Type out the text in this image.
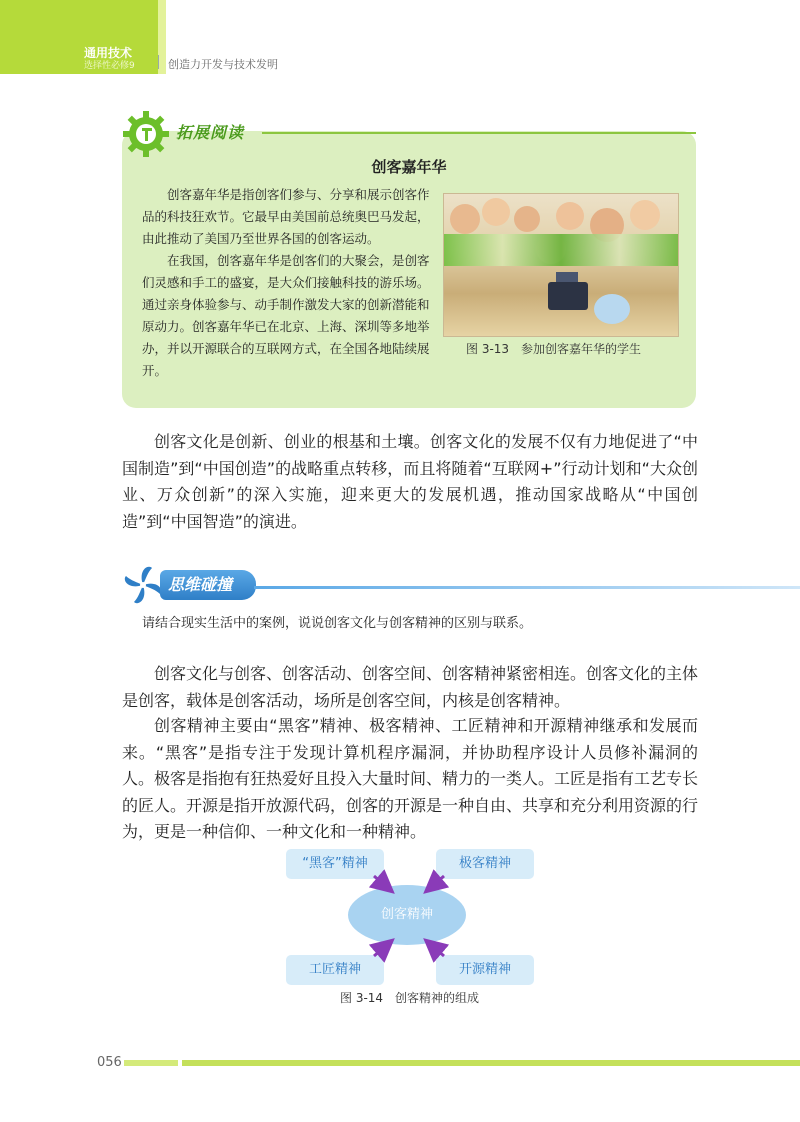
通用技术
选择性必修9	创造力开发与技术发明
拓展阅读
创客嘉年华

创客嘉年华是指创客们参与、分享和展示创客作品的科技狂欢节。它最早由美国前总统奥巴马发起，由此推动了美国乃至世界各国的创客运动。

在我国，创客嘉年华是创客们的大聚会，是创客们灵感和手工的盛宴，是大众们接触科技的游乐场。通过亲身体验参与、动手制作激发大家的创新潜能和原动力。创客嘉年华已在北京、上海、深圳等多地举办，并以开源联合的互联网方式，在全国各地陆续展开。

图 3-13　参加创客嘉年华的学生

创客文化是创新、创业的根基和土壤。创客文化的发展不仅有力地促进了“中国制造”到“中国创造”的战略重点转移，而且将随着“互联网+”行动计划和“大众创业、万众创新”的深入实施，迎来更大的发展机遇，推动国家战略从“中国创造”到“中国智造”的演进。

思维碰撞
请结合现实生活中的案例，说说创客文化与创客精神的区别与联系。

创客文化与创客、创客活动、创客空间、创客精神紧密相连。创客文化的主体是创客，载体是创客活动，场所是创客空间，内核是创客精神。

创客精神主要由“黑客”精神、极客精神、工匠精神和开源精神继承和发展而来。“黑客”是指专注于发现计算机程序漏洞，并协助程序设计人员修补漏洞的人。极客是指抱有狂热爱好且投入大量时间、精力的一类人。工匠是指有工艺专长的匠人。开源是指开放源代码，创客的开源是一种自由、共享和充分利用资源的行为，更是一种信仰、一种文化和一种精神。

“黑客”精神	极客精神
创客精神
工匠精神	开源精神
图 3-14　创客精神的组成
056
